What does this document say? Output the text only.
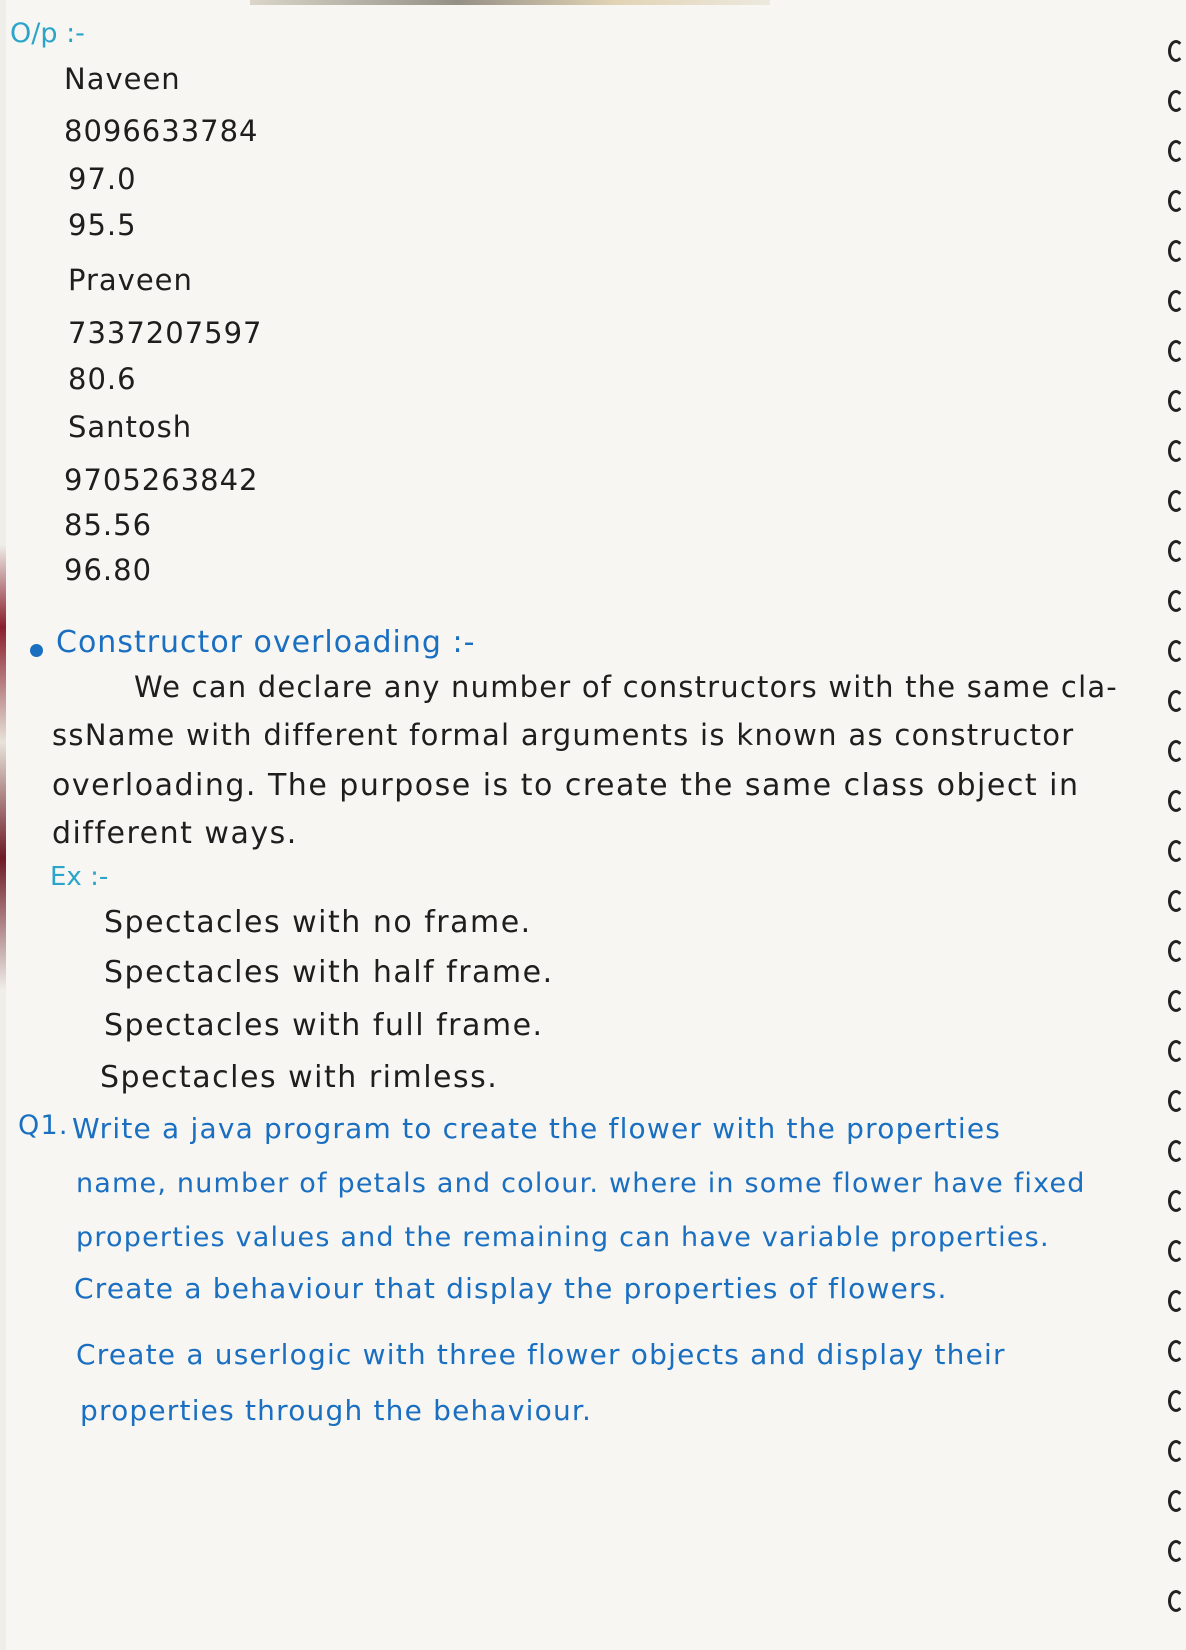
O/p :-
Naveen
8096633784
97.0
95.5
Praveen
7337207597
80.6
Santosh
9705263842
85.56
96.80
Constructor overloading :-
We can declare any number of constructors with the same cla-
ssName with different formal arguments is known as constructor
overloading. The purpose is to create the same class object in
different ways.
Ex :-
Spectacles with no frame.
Spectacles with half frame.
Spectacles with full frame.
Spectacles with rimless.
Q1. Write a java program to create the flower with the properties
name, number of petals and colour. where in some flower have fixed
properties values and the remaining can have variable properties.
Create a behaviour that display the properties of flowers.
Create a userlogic with three flower objects and display their
properties through the behaviour.
